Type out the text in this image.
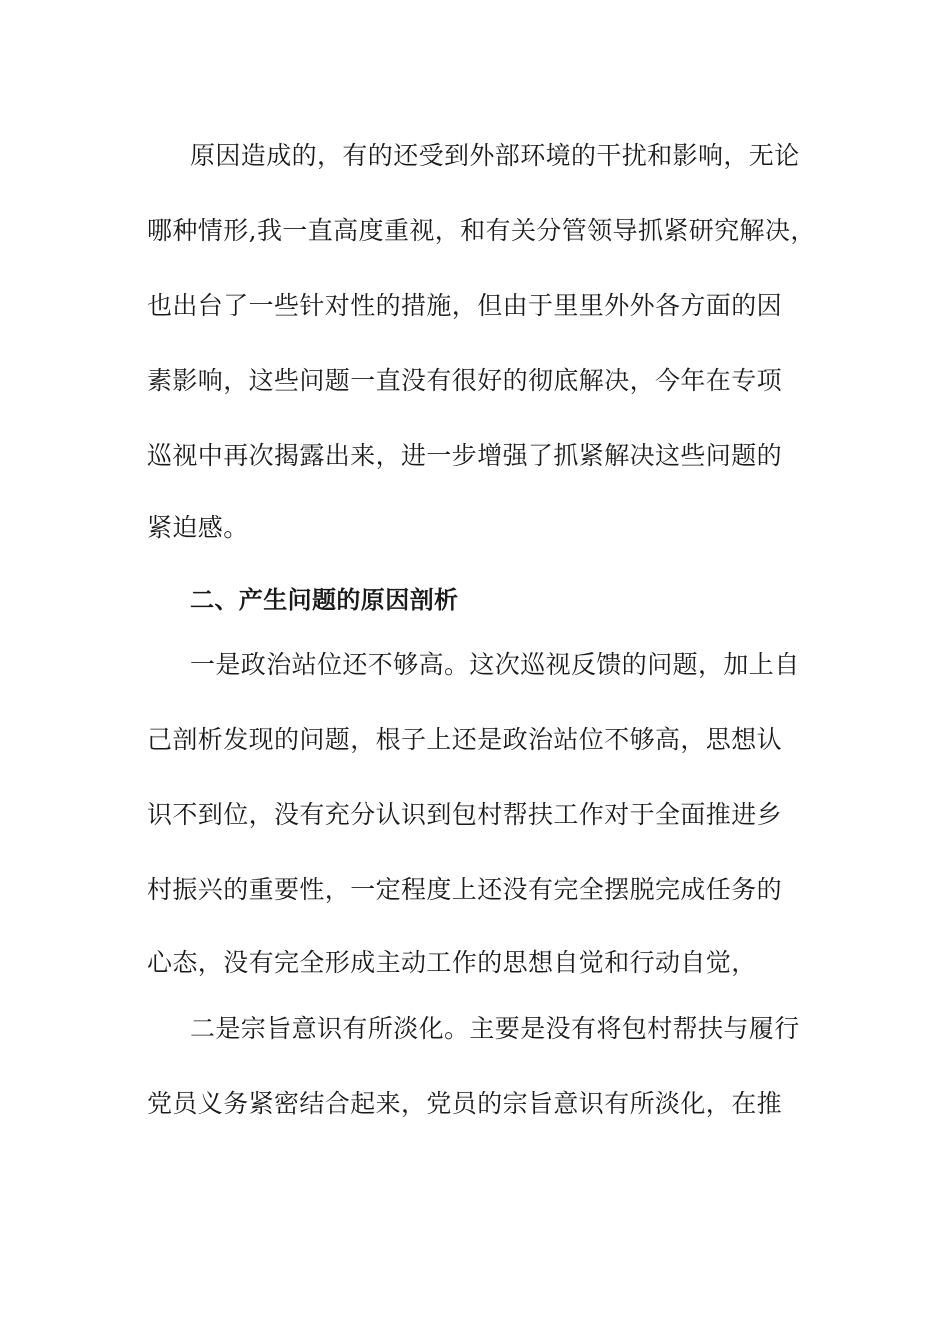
原因造成的，有的还受到外部环境的干扰和影响，无论
哪种情形,我一直高度重视，和有关分管领导抓紧研究解决，
也出台了一些针对性的措施，但由于里里外外各方面的因
素影响，这些问题一直没有很好的彻底解决，今年在专项
巡视中再次揭露出来，进一步增强了抓紧解决这些问题的
紧迫感。
二、产生问题的原因剖析
一是政治站位还不够高。这次巡视反馈的问题，加上自
己剖析发现的问题，根子上还是政治站位不够高，思想认
识不到位，没有充分认识到包村帮扶工作对于全面推进乡
村振兴的重要性，一定程度上还没有完全摆脱完成任务的
心态，没有完全形成主动工作的思想自觉和行动自觉，
二是宗旨意识有所淡化。主要是没有将包村帮扶与履行
党员义务紧密结合起来，党员的宗旨意识有所淡化，在推
